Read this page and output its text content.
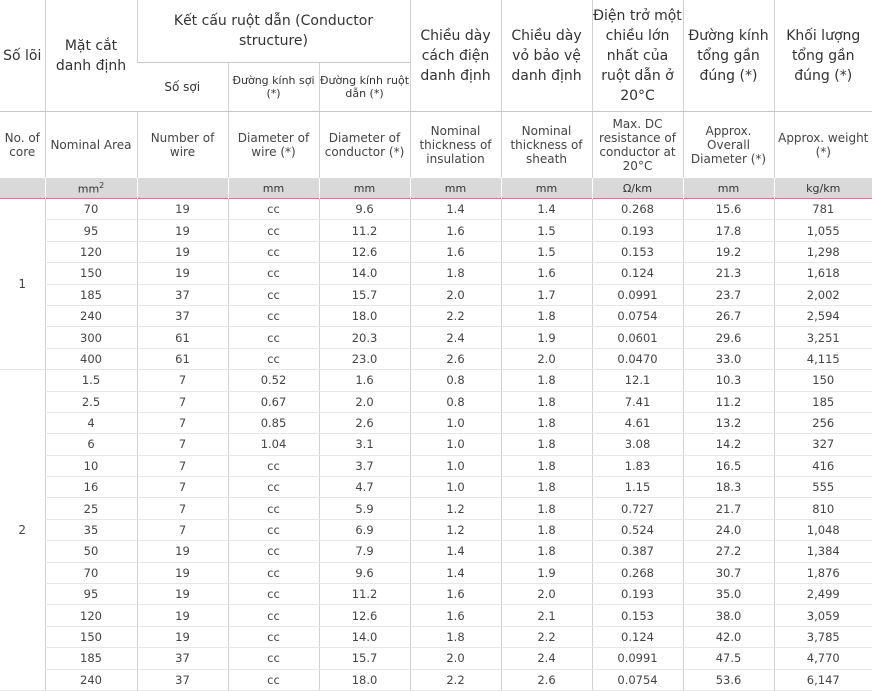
Số lõi	Mặt cắt danh định	Kết cấu ruột dẫn (Conductor structure)			Chiều dày cách điện danh định	Chiều dày vỏ bảo vệ danh định	Điện trở một chiều lớn nhất của ruột dẫn ở 20°C	Đường kính tổng gần đúng (*)	Khối lượng tổng gần đúng (*)
		Số sợi	Đường kính sợi (*)	Đường kính ruột dẫn (*)					
No. of core	Nominal Area	Number of wire	Diameter of wire (*)	Diameter of conductor (*)	Nominal thickness of insulation	Nominal thickness of sheath	Max. DC resistance of conductor at 20°C	Approx. Overall Diameter (*)	Approx. weight (*)
	$mm^2$		mm	mm	mm	mm	Ω/km	mm	kg/km
1	70	19	cc	9.6	1.4	1.4	0.268	15.6	781
	95	19	cc	11.2	1.6	1.5	0.193	17.8	1,055
	120	19	cc	12.6	1.6	1.5	0.153	19.2	1,298
	150	19	cc	14.0	1.8	1.6	0.124	21.3	1,618
	185	37	cc	15.7	2.0	1.7	0.0991	23.7	2,002
	240	37	cc	18.0	2.2	1.8	0.0754	26.7	2,594
	300	61	cc	20.3	2.4	1.9	0.0601	29.6	3,251
	400	61	cc	23.0	2.6	2.0	0.0470	33.0	4,115
2	1.5	7	0.52	1.6	0.8	1.8	12.1	10.3	150
	2.5	7	0.67	2.0	0.8	1.8	7.41	11.2	185
	4	7	0.85	2.6	1.0	1.8	4.61	13.2	256
	6	7	1.04	3.1	1.0	1.8	3.08	14.2	327
	10	7	cc	3.7	1.0	1.8	1.83	16.5	416
	16	7	cc	4.7	1.0	1.8	1.15	18.3	555
	25	7	cc	5.9	1.2	1.8	0.727	21.7	810
	35	7	cc	6.9	1.2	1.8	0.524	24.0	1,048
	50	19	cc	7.9	1.4	1.8	0.387	27.2	1,384
	70	19	cc	9.6	1.4	1.9	0.268	30.7	1,876
	95	19	cc	11.2	1.6	2.0	0.193	35.0	2,499
	120	19	cc	12.6	1.6	2.1	0.153	38.0	3,059
	150	19	cc	14.0	1.8	2.2	0.124	42.0	3,785
	185	37	cc	15.7	2.0	2.4	0.0991	47.5	4,770
	240	37	cc	18.0	2.2	2.6	0.0754	53.6	6,147
